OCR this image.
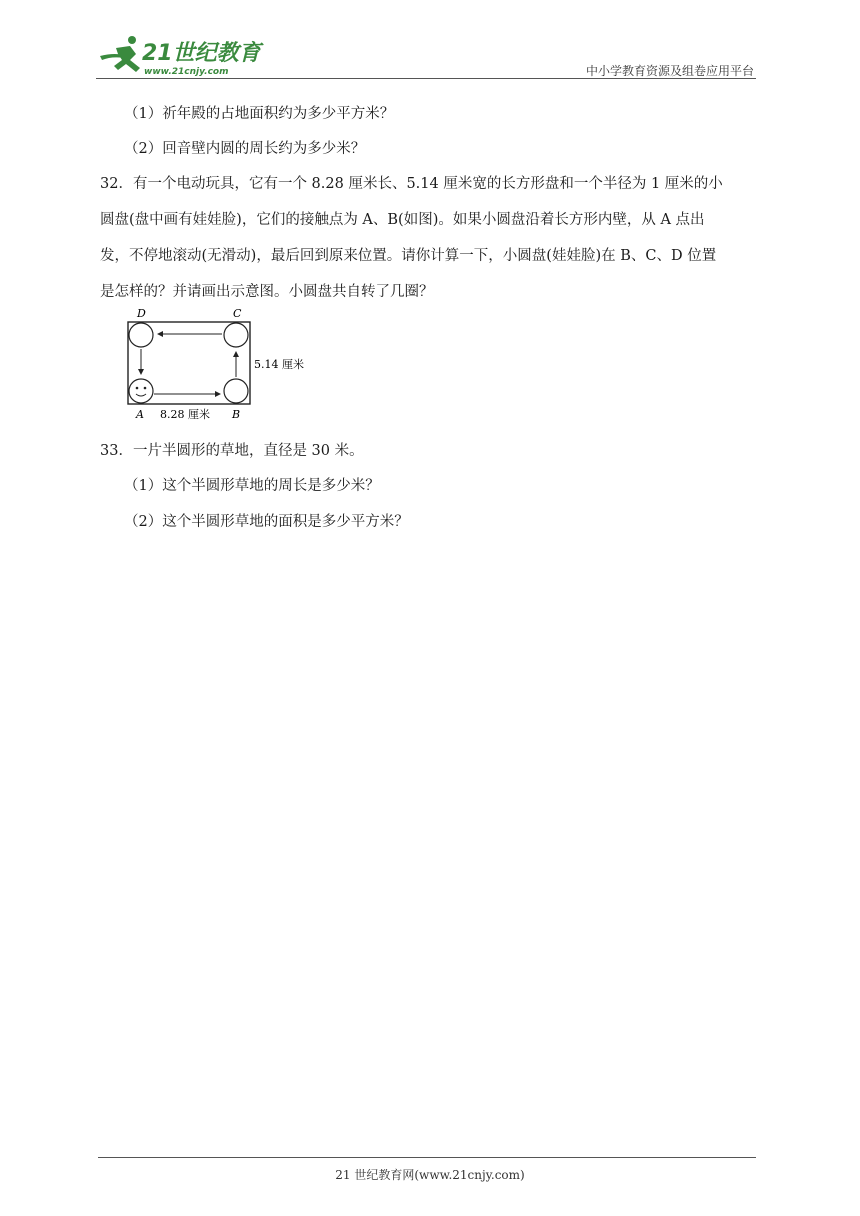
21世纪教育
www.21cnjy.com	中小学教育资源及组卷应用平台
（1）祈年殿的占地面积约为多少平方米？
（2）回音壁内圆的周长约为多少米？
32．有一个电动玩具，它有一个 8.28 厘米长、5.14 厘米宽的长方形盘和一个半径为 1 厘米的小
圆盘(盘中画有娃娃脸)，它们的接触点为 A、B(如图)。如果小圆盘沿着长方形内壁，从 A 点出
发，不停地滚动(无滑动)，最后回到原来位置。请你计算一下，小圆盘(娃娃脸)在 B、C、D 位置
是怎样的？并请画出示意图。小圆盘共自转了几圈？
33．一片半圆形的草地，直径是 30 米。
（1）这个半圆形草地的周长是多少米？
（2）这个半圆形草地的面积是多少平方米？
D	C
A	B
8.28 厘米
5.14 厘米
21 世纪教育网(www.21cnjy.com)
